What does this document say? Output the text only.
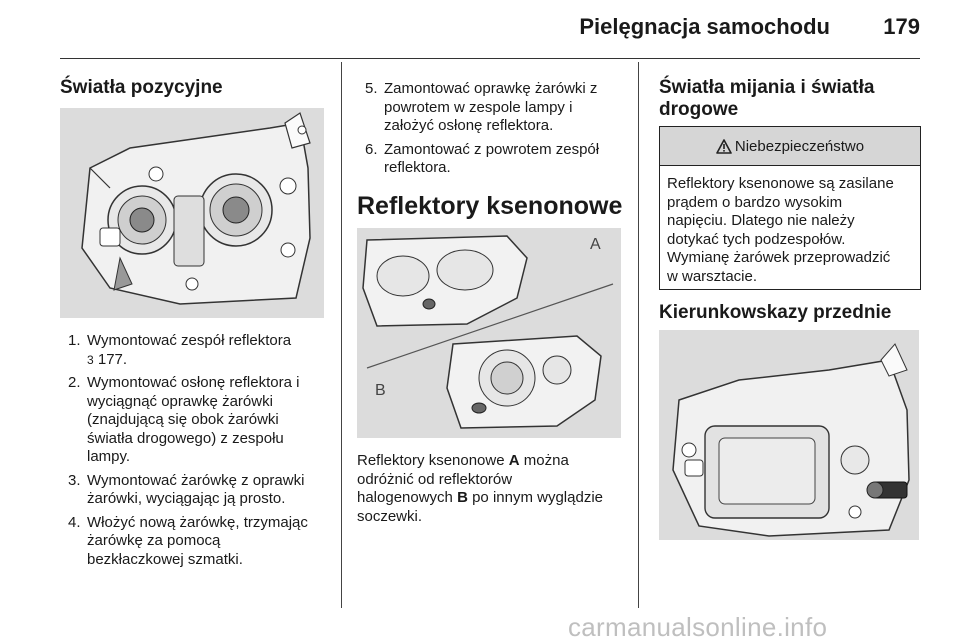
Pielęgnacja samochodu 179
Światła pozycyjne
1. Wymontować zespół reflektora
3 177.
2. Wymontować osłonę reflektora i
wyciągnąć oprawkę żarówki
(znajdującą się obok żarówki
światła drogowego) z zespołu
lampy.
3. Wymontować żarówkę z oprawki
żarówki, wyciągając ją prosto.
4. Włożyć nową żarówkę, trzymając
żarówkę za pomocą
bezkłaczkowej szmatki.
5. Zamontować oprawkę żarówki z
powrotem w zespole lampy i
założyć osłonę reflektora.
6. Zamontować z powrotem zespół
reflektora.
Reflektory ksenonowe
A
B

Reflektory ksenonowe A można
odróżnić od reflektorów
halogenowych B po innym wyglądzie
soczewki.

Światła mijania i światła
drogowe
Niebezpieczeństwo
Reflektory ksenonowe są zasilane
prądem o bardzo wysokim
napięciu. Dlatego nie należy
dotykać tych podzespołów.
Wymianę żarówek przeprowadzić
w warsztacie.
Kierunkowskazy przednie
carmanualsonline.info
